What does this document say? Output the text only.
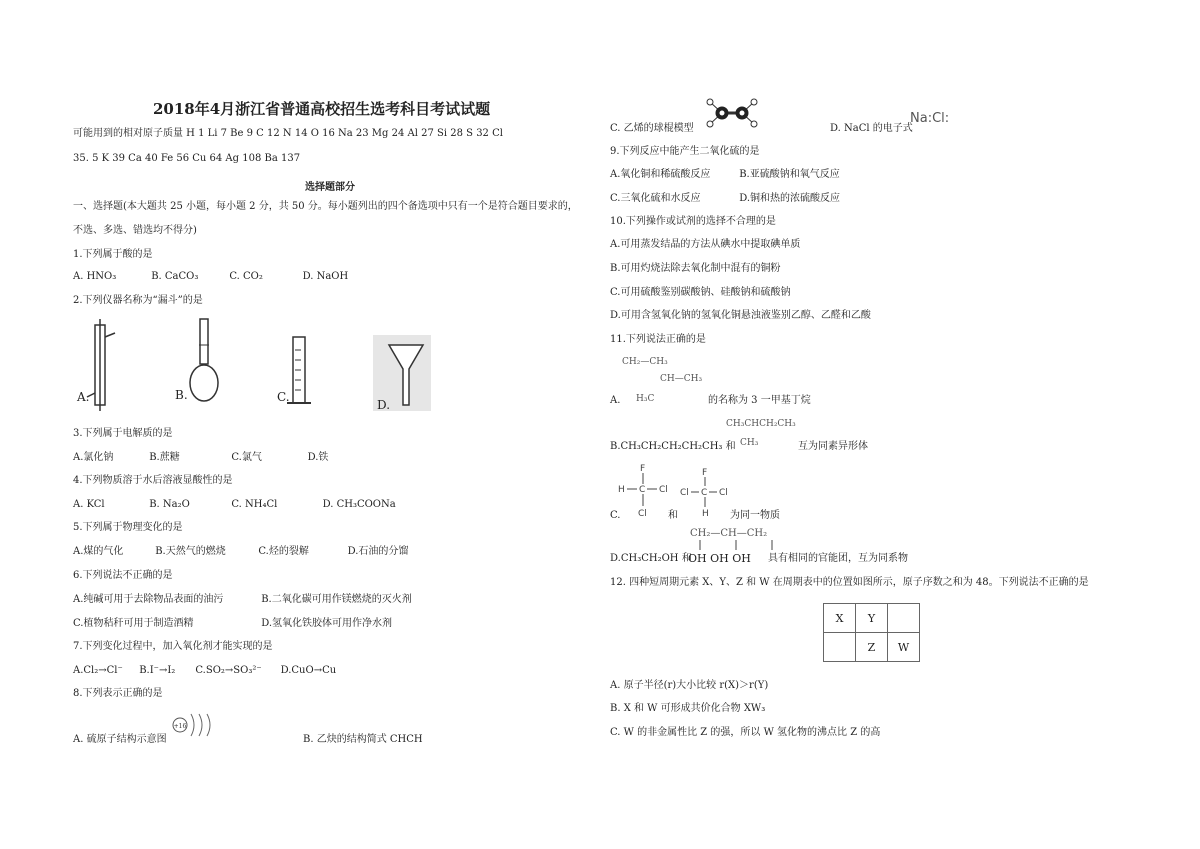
2018年4月浙江省普通高校招生选考科目考试试题
可能用到的相对原子质量 H 1 Li 7 Be 9 C 12 N 14 O 16 Na 23 Mg 24 Al 27 Si 28 S 32 Cl
35. 5 K 39 Ca 40 Fe 56 Cu 64 Ag 108 Ba 137
选择题部分
一、选择题(本大题共 25 小题，每小题 2 分，共 50 分。每小题列出的四个备选项中只有一个是符合题目要求的，
不选、多选、错选均不得分)
1.下列属于酸的是
A. HNO₃	B. CaCO₃	C. CO₂	D. NaOH
2.下列仪器名称为“漏斗”的是
A.	B.	C.
D.
3.下列属于电解质的是
A.氯化钠	B.蔗糖	C.氯气	D.铁
4.下列物质溶于水后溶液显酸性的是
A. KCl	B. Na₂O	C. NH₄Cl	D. CH₃COONa
5.下列属于物理变化的是
A.煤的气化	B.天然气的燃烧	C.烃的裂解	D.石油的分馏
6.下列说法不正确的是
A.纯碱可用于去除物品表面的油污	B.二氧化碳可用作镁燃烧的灭火剂
C.植物秸秆可用于制造酒精	D.氢氧化铁胶体可用作净水剂
7.下列变化过程中，加入氧化剂才能实现的是
A.Cl₂→Cl⁻ B.I⁻→I₂ C.SO₂→SO₃²⁻ D.CuO→Cu
8.下列表示正确的是
A. 硫原子结构示意图
+16
B. 乙炔的结构简式 CHCH
C. 乙烯的球棍模型	D. NaCl 的电子式
Na:Cl:
9.下列反应中能产生二氧化硫的是
A.氧化铜和稀硫酸反应	B.亚硫酸钠和氧气反应
C.三氧化硫和水反应	D.铜和热的浓硫酸反应
10.下列操作或试剂的选择不合理的是
A.可用蒸发结晶的方法从碘水中提取碘单质
B.可用灼烧法除去氧化制中混有的铜粉
C.可用硫酸鉴别碳酸钠、硅酸钠和硫酸钠
D.可用含氢氧化钠的氢氧化铜悬浊液鉴别乙醇、乙醛和乙酸
11.下列说法正确的是
CH₂—CH₃
CH—CH₃
H₃C
A.	的名称为 3 一甲基丁烷
CH₃CHCH₂CH₃
CH₃
B.CH₃CH₂CH₂CH₂CH₃ 和	互为同素异形体
F
H C Cl
Cl
F
Cl C Cl
H
C.	和	为同一物质
CH₂—CH—CH₂
D.CH₃CH₂OH 和
OH OH OH 具有相同的官能团，互为同系物
12. 四种短周期元素 X、Y、Z 和 W 在周期表中的位置如图所示，原子序数之和为 48。下列说法不正确的是
X	Y	
	Z	W
A. 原子半径(r)大小比较 r(X)＞r(Y)
B. X 和 W 可形成共价化合物 XW₃
C. W 的非金属性比 Z 的强，所以 W 氢化物的沸点比 Z 的高
